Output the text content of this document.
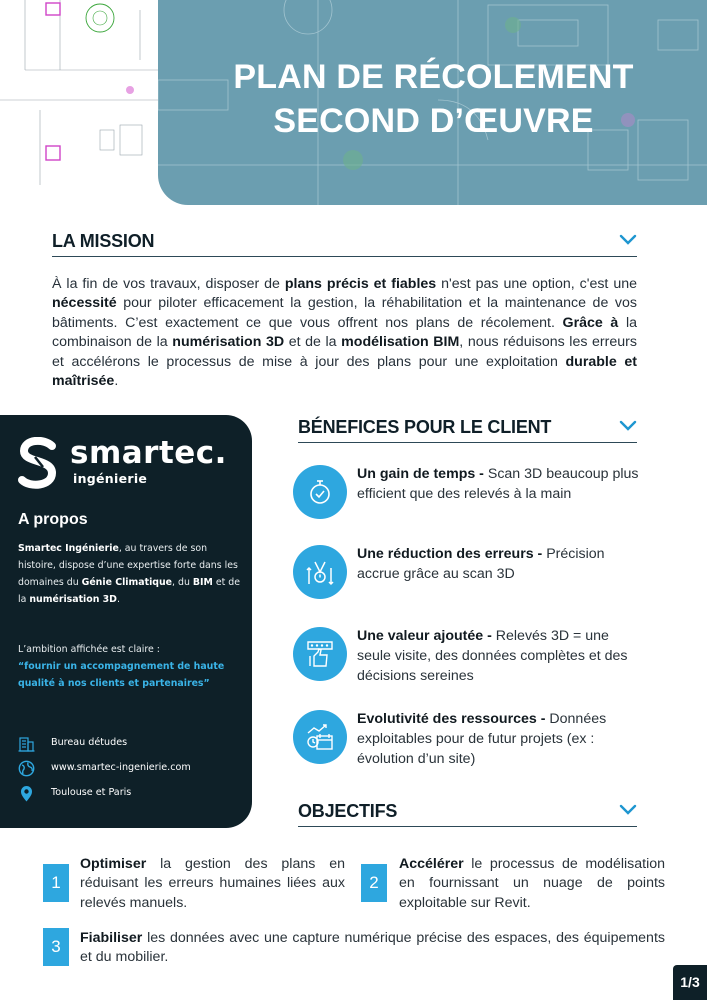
PLAN DE RÉCOLEMENT
SECOND D’ŒUVRE
LA MISSION

À la fin de vos travaux, disposer de plans précis et fiables n'est pas une option, c'est une nécessité pour piloter efficacement la gestion, la réhabilitation et la maintenance de vos bâtiments. C’est exactement ce que vous offrent nos plans de récolement. Grâce à la combinaison de la numérisation 3D et de la modélisation BIM, nous réduisons les erreurs et accélérons le processus de mise à jour des plans pour une exploitation durable et maîtrisée.

smartec.
ingénierie
A propos

Smartec Ingénierie, au travers de son histoire, dispose d’une expertise forte dans les domaines du Génie Climatique, du BIM et de la numérisation 3D.

L’ambition affichée est claire :
“fournir un accompagnement de haute qualité à nos clients et partenaires”

Bureau détudes
www.smartec-ingenierie.com
Toulouse et Paris
BÉNEFICES POUR LE CLIENT

Un gain de temps - Scan 3D beaucoup plus efficient que des relevés à la main

Une réduction des erreurs - Précision accrue grâce au scan 3D

Une valeur ajoutée - Relevés 3D = une seule visite, des données complètes et des décisions sereines

Evolutivité des ressources - Données exploitables pour de futur projets (ex : évolution d’un site)

OBJECTIFS
1

Optimiser la gestion des plans en réduisant les erreurs humaines liées aux relevés manuels.

2

Accélérer le processus de modélisation en fournissant un nuage de points exploitable sur Revit.

3	Fiabiliser les données avec une capture numérique précise des espaces, des équipements et du mobilier.

1/3
